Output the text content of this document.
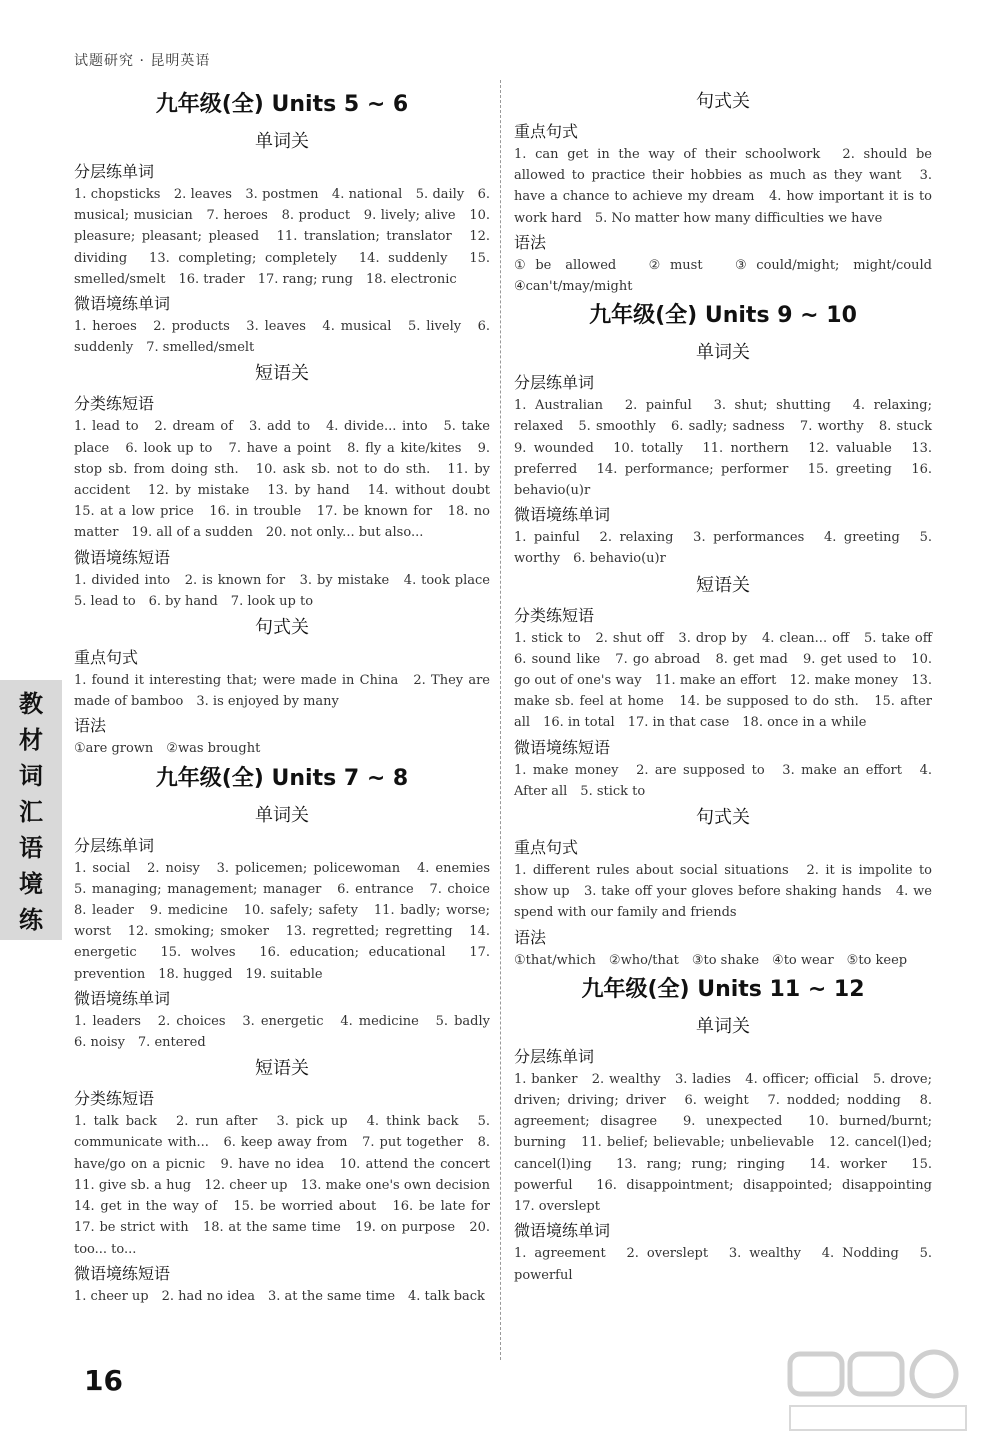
试题研究 · 昆明英语
九年级(全) Units 5 ~ 6
单词关
分层练单词
1. chopsticks　2. leaves　3. postmen　4. national　5. daily　6. musical; musician　7. heroes　8. product　9. lively; alive　10. pleasure; pleasant; pleased　11. translation; translator　12. dividing　13. completing; completely　14. suddenly　15. smelled/smelt　16. trader　17. rang; rung　18. electronic
微语境练单词
1. heroes　2. products　3. leaves　4. musical　5. lively　6. suddenly　7. smelled/smelt
短语关
分类练短语
1. lead to　2. dream of　3. add to　4. divide... into　5. take place　6. look up to　7. have a point　8. fly a kite/kites　9. stop sb. from doing sth.　10. ask sb. not to do sth.　11. by accident　12. by mistake　13. by hand　14. without doubt　15. at a low price　16. in trouble　17. be known for　18. no matter　19. all of a sudden　20. not only... but also...
微语境练短语
1. divided into　2. is known for　3. by mistake　4. took place　5. lead to　6. by hand　7. look up to
句式关
重点句式
1. found it interesting that; were made in China　2. They are made of bamboo　3. is enjoyed by many
语法
①are grown　②was brought
九年级(全) Units 7 ~ 8
单词关
分层练单词
1. social　2. noisy　3. policemen; policewoman　4. enemies　5. managing; management; manager　6. entrance　7. choice　8. leader　9. medicine　10. safely; safety　11. badly; worse; worst　12. smoking; smoker　13. regretted; regretting　14. energetic　15. wolves　16. education; educational　17. prevention　18. hugged　19. suitable
微语境练单词
1. leaders　2. choices　3. energetic　4. medicine　5. badly　6. noisy　7. entered
短语关
分类练短语
1. talk back　2. run after　3. pick up　4. think back　5. communicate with...　6. keep away from　7. put together　8. have/go on a picnic　9. have no idea　10. attend the concert　11. give sb. a hug　12. cheer up　13. make one's own decision　14. get in the way of　15. be worried about　16. be late for　17. be strict with　18. at the same time　19. on purpose　20. too... to...
微语境练短语
1. cheer up　2. had no idea　3. at the same time　4. talk back
句式关
重点句式
1. can get in the way of their schoolwork　2. should be allowed to practice their hobbies as much as they want　3. have a chance to achieve my dream　4. how important it is to work hard　5. No matter how many difficulties we have
语法
①be allowed　②must　③could/might; might/could　④can't/may/might
九年级(全) Units 9 ~ 10
单词关
分层练单词
1. Australian　2. painful　3. shut; shutting　4. relaxing; relaxed　5. smoothly　6. sadly; sadness　7. worthy　8. stuck　9. wounded　10. totally　11. northern　12. valuable　13. preferred　14. performance; performer　15. greeting　16. behavio(u)r
微语境练单词
1. painful　2. relaxing　3. performances　4. greeting　5. worthy　6. behavio(u)r
短语关
分类练短语
1. stick to　2. shut off　3. drop by　4. clean... off　5. take off　6. sound like　7. go abroad　8. get mad　9. get used to　10. go out of one's way　11. make an effort　12. make money　13. make sb. feel at home　14. be supposed to do sth.　15. after all　16. in total　17. in that case　18. once in a while
微语境练短语
1. make money　2. are supposed to　3. make an effort　4. After all　5. stick to
句式关
重点句式
1. different rules about social situations　2. it is impolite to show up　3. take off your gloves before shaking hands　4. we spend with our family and friends
语法
①that/which　②who/that　③to shake　④to wear　⑤to keep
九年级(全) Units 11 ~ 12
单词关
分层练单词
1. banker　2. wealthy　3. ladies　4. officer; official　5. drove; driven; driving; driver　6. weight　7. nodded; nodding　8. agreement; disagree　9. unexpected　10. burned/burnt; burning　11. belief; believable; unbelievable　12. cancel(l)ed; cancel(l)ing　13. rang; rung; ringing　14. worker　15. powerful　16. disappointment; disappointed; disappointing　17. overslept
微语境练单词
1. agreement　2. overslept　3. wealthy　4. Nodding　5. powerful
教材词汇语境练
16
